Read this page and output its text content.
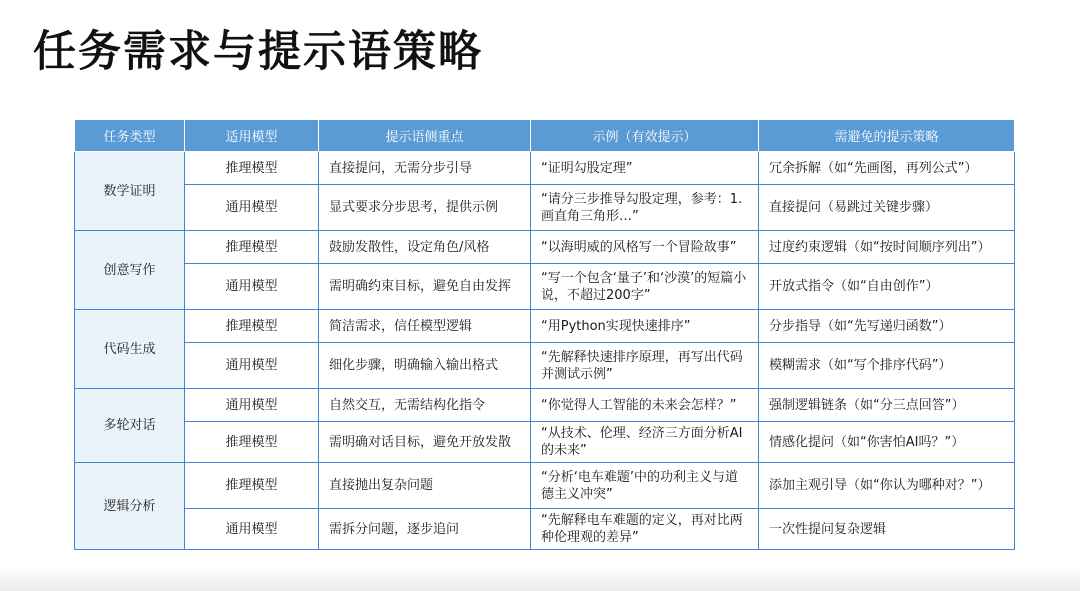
任务需求与提示语策略
任务类型	适用模型	提示语侧重点	示例（有效提示）	需避免的提示策略
数学证明	推理模型	直接提问，无需分步引导	“证明勾股定理”	冗余拆解（如“先画图，再列公式”）
	通用模型	显式要求分步思考，提供示例	“请分三步推导勾股定理，参考：1. 画直角三角形…”	直接提问（易跳过关键步骤）
创意写作	推理模型	鼓励发散性，设定角色/风格	“以海明威的风格写一个冒险故事”	过度约束逻辑（如“按时间顺序列出”）
	通用模型	需明确约束目标，避免自由发挥	“写一个包含‘量子’和‘沙漠’的短篇小说，不超过200字”	开放式指令（如“自由创作”）
代码生成	推理模型	简洁需求，信任模型逻辑	“用Python实现快速排序”	分步指导（如“先写递归函数”）
	通用模型	细化步骤，明确输入输出格式	“先解释快速排序原理，再写出代码并测试示例”	模糊需求（如“写个排序代码”）
多轮对话	通用模型	自然交互，无需结构化指令	“你觉得人工智能的未来会怎样？”	强制逻辑链条（如“分三点回答”）
	推理模型	需明确对话目标，避免开放发散	“从技术、伦理、经济三方面分析AI的未来”	情感化提问（如“你害怕AI吗？”）
逻辑分析	推理模型	直接抛出复杂问题	“分析‘电车难题’中的功利主义与道德主义冲突”	添加主观引导（如“你认为哪种对？”）
	通用模型	需拆分问题，逐步追问	“先解释电车难题的定义，再对比两种伦理观的差异”	一次性提问复杂逻辑
